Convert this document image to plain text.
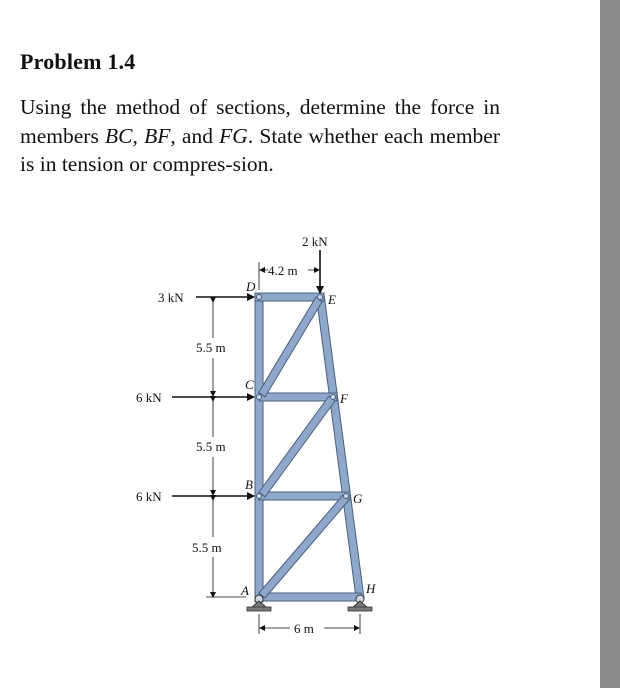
Problem 1.4
Using the method of sections, determine the force in members BC, BF, and FG. State whether each member is in tension or compres-sion.
2 kN
3 kN
6 kN
6 kN
4.2 m
5.5 m
5.5 m
5.5 m
6 m
D
E
C
F
B
G
A	H
